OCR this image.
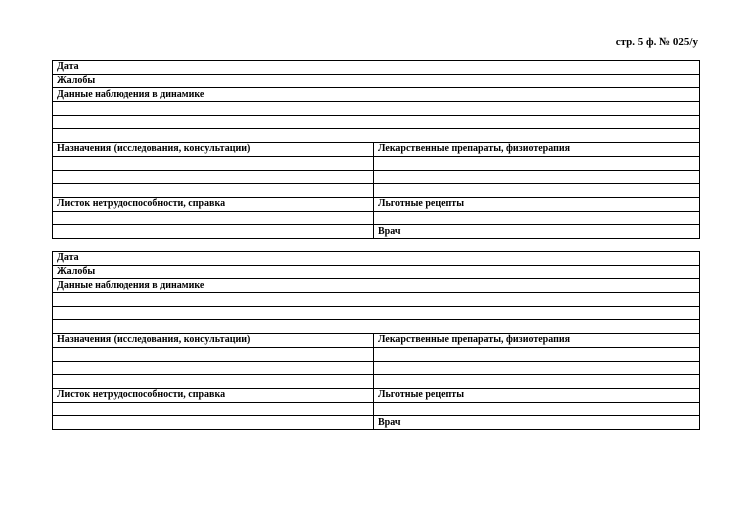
стр. 5 ф. № 025/у
Дата	
Жалобы	
Данные наблюдения в динамике	

Назначения (исследования, консультации)	Лекарственные препараты, физиотерапия

Листок нетрудоспособности, справка	Льготные рецепты

	Врач
Дата	
Жалобы	
Данные наблюдения в динамике	

Назначения (исследования, консультации)	Лекарственные препараты, физиотерапия

Листок нетрудоспособности, справка	Льготные рецепты

	Врач
